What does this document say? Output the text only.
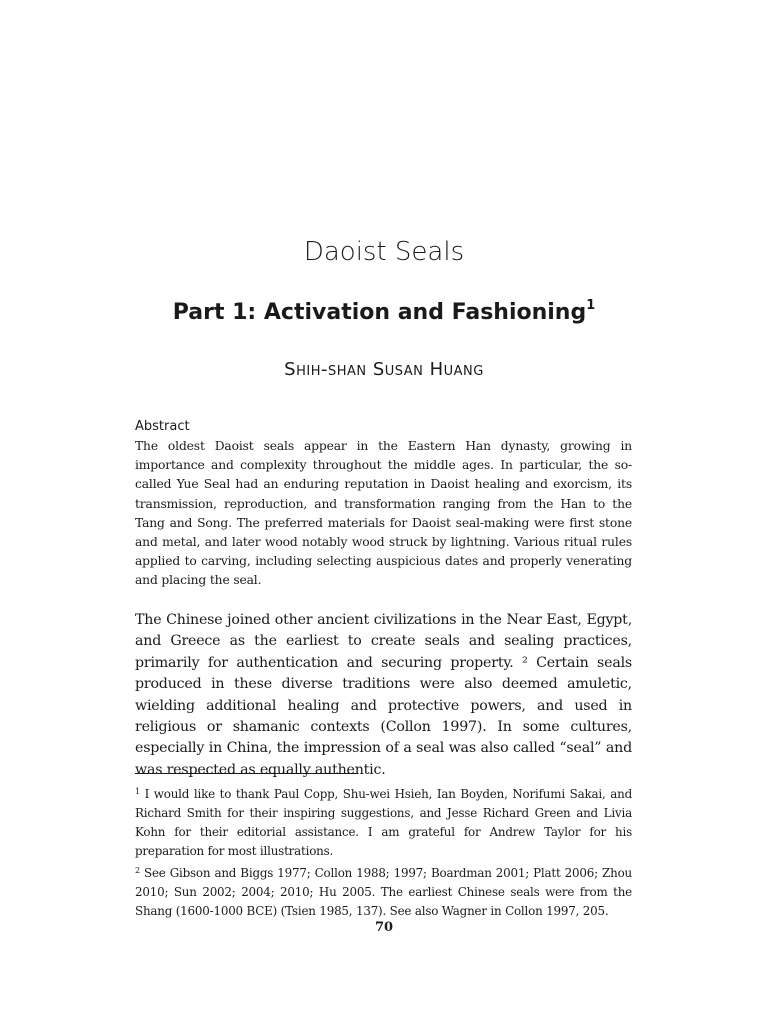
Daoist Seals
Part 1: Activation and Fashioning$^1$
Shih-shan Susan Huang
Abstract

The oldest Daoist seals appear in the Eastern Han dynasty, growing in importance and complexity throughout the middle ages. In particular, the so-called Yue Seal had an enduring reputation in Daoist healing and exorcism, its transmission, reproduction, and transformation ranging from the Han to the Tang and Song. The preferred materials for Daoist seal-making were first stone and metal, and later wood notably wood struck by lightning. Various ritual rules applied to carving, including selecting auspicious dates and properly venerating and placing the seal.

The Chinese joined other ancient civilizations in the Near East, Egypt, and Greece as the earliest to create seals and sealing practices, primarily for authentication and securing property. ² Certain seals produced in these diverse traditions were also deemed amuletic, wielding additional healing and protective powers, and used in religious or shamanic contexts (Collon 1997). In some cultures, especially in China, the impression of a seal was also called “seal” and was respected as equally authentic.

$^1$ I would like to thank Paul Copp, Shu-wei Hsieh, Ian Boyden, Norifumi Sakai, and Richard Smith for their inspiring suggestions, and Jesse Richard Green and Livia Kohn for their editorial assistance. I am grateful for Andrew Taylor for his preparation for most illustrations.

$^2$ See Gibson and Biggs 1977; Collon 1988; 1997; Boardman 2001; Platt 2006; Zhou 2010; Sun 2002; 2004; 2010; Hu 2005. The earliest Chinese seals were from the Shang (1600-1000 BCE) (Tsien 1985, 137). See also Wagner in Collon 1997, 205.

70
